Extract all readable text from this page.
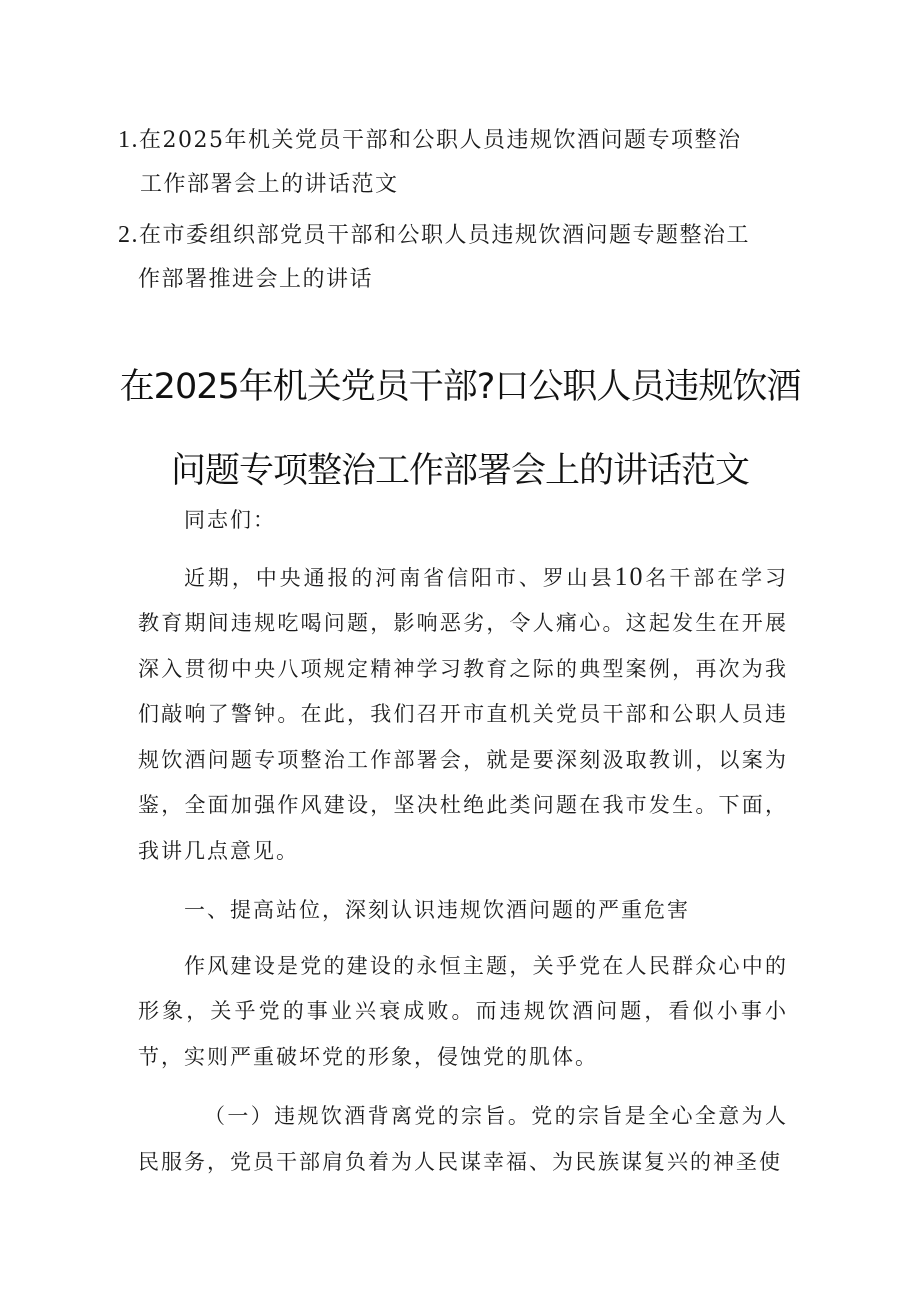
1.在2025年机关党员干部和公职人员违规饮酒问题专项整治
工作部署会上的讲话范文
2.在市委组织部党员干部和公职人员违规饮酒问题专题整治工
作部署推进会上的讲话
在2025年机关党员干部?口公职人员违规饮酒
问题专项整治工作部署会上的讲话范文

同志们：

近期，中央通报的河南省信阳市、罗山县10名干部在学习教育期间违规吃喝问题，影响恶劣，令人痛心。这起发生在开展深入贯彻中央八项规定精神学习教育之际的典型案例，再次为我们敲响了警钟。在此，我们召开市直机关党员干部和公职人员违规饮酒问题专项整治工作部署会，就是要深刻汲取教训，以案为鉴，全面加强作风建设，坚决杜绝此类问题在我市发生。下面，我讲几点意见。

一、提高站位，深刻认识违规饮酒问题的严重危害

作风建设是党的建设的永恒主题，关乎党在人民群众心中的形象，关乎党的事业兴衰成败。而违规饮酒问题，看似小事小节，实则严重破坏党的形象，侵蚀党的肌体。

（一）违规饮酒背离党的宗旨。党的宗旨是全心全意为人民服务，党员干部肩负着为人民谋幸福、为民族谋复兴的神圣使
